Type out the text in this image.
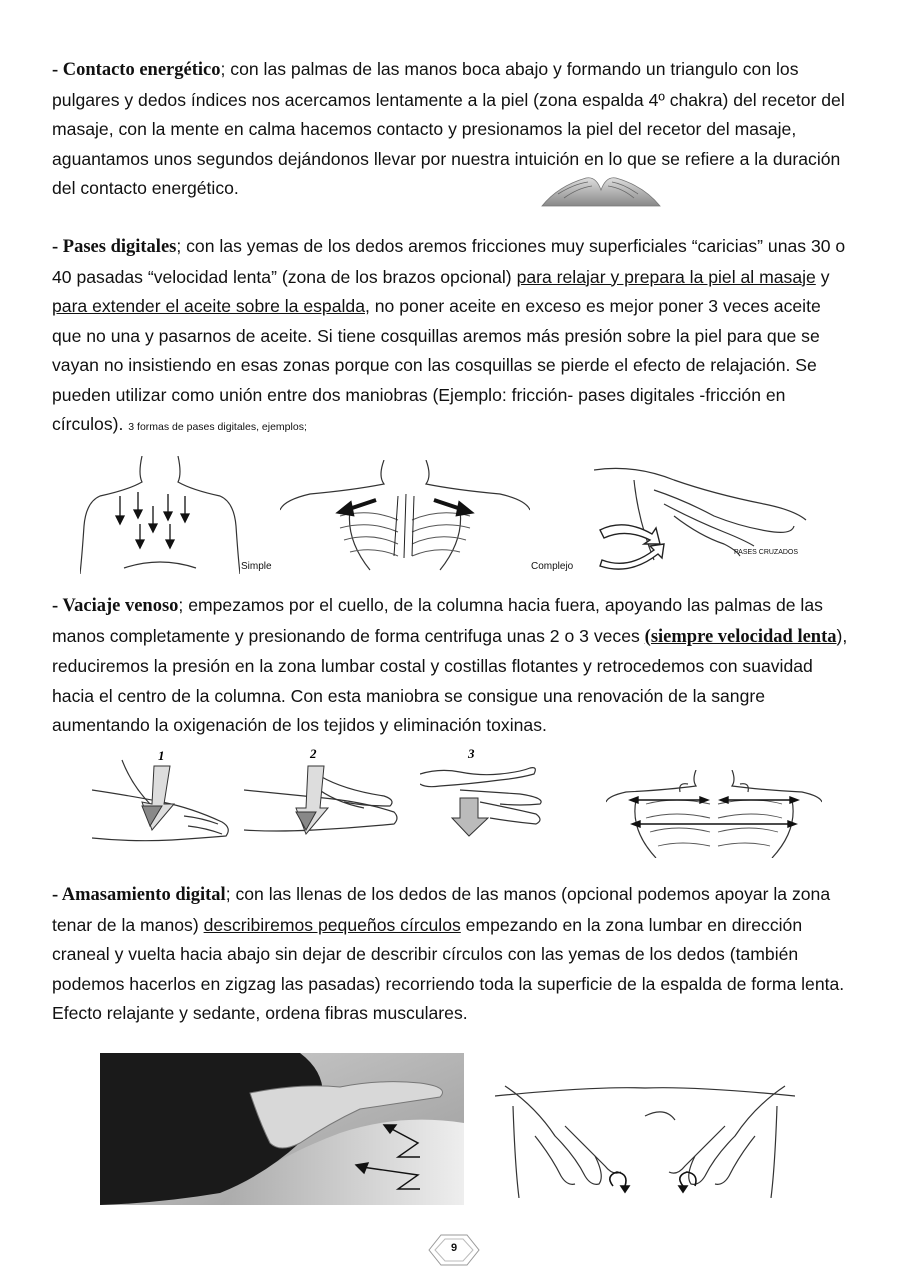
- Contacto energético; con las palmas de las manos boca abajo y formando un triangulo con los pulgares y dedos índices nos acercamos lentamente a la piel (zona espalda 4º chakra) del recetor del masaje, con la mente en calma hacemos contacto y presionamos la piel del recetor del masaje, aguantamos unos segundos dejándonos llevar por nuestra intuición en lo que se refiere a la duración del contacto energético.
- Pases digitales; con las yemas de los dedos aremos fricciones muy superficiales “caricias” unas 30 o 40 pasadas “velocidad lenta” (zona de los brazos opcional) para relajar y prepara la piel al masaje y para extender el aceite sobre la espalda, no poner aceite en exceso es mejor poner 3 veces aceite que no una y pasarnos de aceite. Si tiene cosquillas aremos más presión sobre la piel para que se vayan no insistiendo en esas zonas porque con las cosquillas se pierde el efecto de relajación. Se pueden utilizar como unión entre dos maniobras (Ejemplo: fricción- pases digitales -fricción en círculos). 3 formas de pases digitales, ejemplos;
Simple	Complejo
PASES CRUZADOS
- Vaciaje venoso; empezamos por el cuello, de la columna hacia fuera, apoyando las palmas de las manos completamente y presionando de forma centrifuga unas 2 o 3 veces (siempre velocidad lenta), reduciremos la presión en la zona lumbar costal y costillas flotantes y retrocedemos con suavidad hacia el centro de la columna. Con esta maniobra se consigue una renovación de la sangre aumentando la oxigenación de los tejidos y eliminación toxinas.
1	2	3
- Amasamiento digital; con las llenas de los dedos de las manos (opcional podemos apoyar la zona tenar de la manos) describiremos pequeños círculos empezando en la zona lumbar en dirección craneal y vuelta hacia abajo sin dejar de describir círculos con las yemas de los dedos (también podemos hacerlos en zigzag las pasadas) recorriendo toda la superficie de la espalda de forma lenta. Efecto relajante y sedante, ordena fibras musculares.
9
